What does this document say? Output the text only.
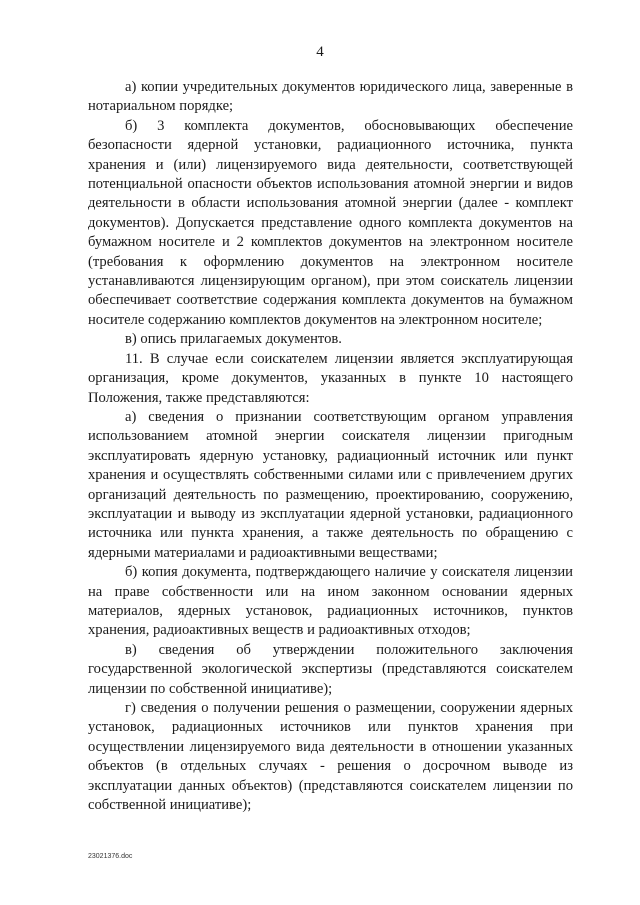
4

а) копии учредительных документов юридического лица, заверенные в нотариальном порядке;

б) 3 комплекта документов, обосновывающих обеспечение безопасности ядерной установки, радиационного источника, пункта хранения и (или) лицензируемого вида деятельности, соответствующей потенциальной опасности объектов использования атомной энергии и видов деятельности в области использования атомной энергии (далее - комплект документов). Допускается представление одного комплекта документов на бумажном носителе и 2 комплектов документов на электронном носителе (требования к оформлению документов на электронном носителе устанавливаются лицензирующим органом), при этом соискатель лицензии обеспечивает соответствие содержания комплекта документов на бумажном носителе содержанию комплектов документов на электронном носителе;

в) опись прилагаемых документов.

11. В случае если соискателем лицензии является эксплуатирующая организация, кроме документов, указанных в пункте 10 настоящего Положения, также представляются:

а) сведения о признании соответствующим органом управления использованием атомной энергии соискателя лицензии пригодным эксплуатировать ядерную установку, радиационный источник или пункт хранения и осуществлять собственными силами или с привлечением других организаций деятельность по размещению, проектированию, сооружению, эксплуатации и выводу из эксплуатации ядерной установки, радиационного источника или пункта хранения, а также деятельность по обращению с ядерными материалами и радиоактивными веществами;

б) копия документа, подтверждающего наличие у соискателя лицензии на праве собственности или на ином законном основании ядерных материалов, ядерных установок, радиационных источников, пунктов хранения, радиоактивных веществ и радиоактивных отходов;

в) сведения об утверждении положительного заключения государственной экологической экспертизы (представляются соискателем лицензии по собственной инициативе);

г) сведения о получении решения о размещении, сооружении ядерных установок, радиационных источников или пунктов хранения при осуществлении лицензируемого вида деятельности в отношении указанных объектов (в отдельных случаях - решения о досрочном выводе из эксплуатации данных объектов) (представляются соискателем лицензии по собственной инициативе);

23021376.doc
